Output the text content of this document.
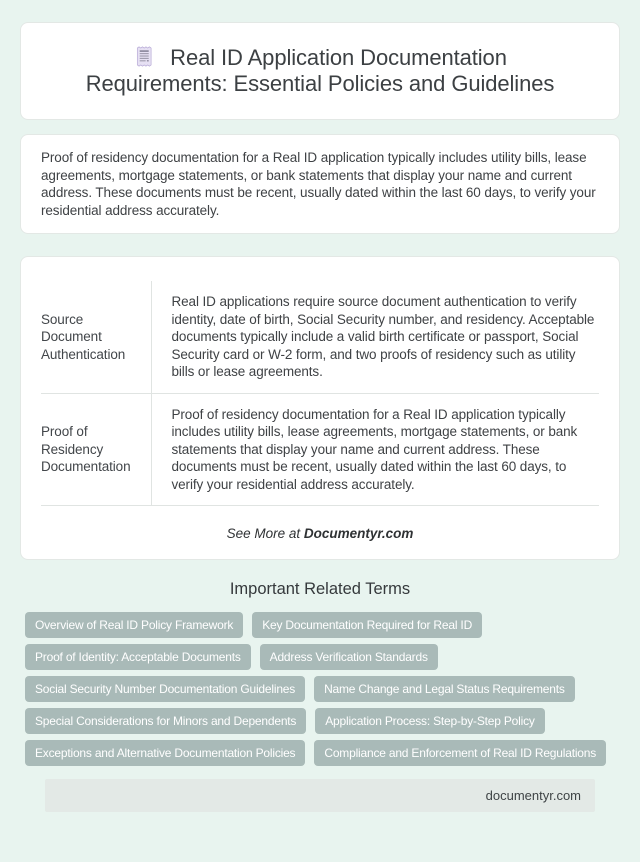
Real ID Application Documentation Requirements: Essential Policies and Guidelines

Proof of residency documentation for a Real ID application typically includes utility bills, lease agreements, mortgage statements, or bank statements that display your name and current address. These documents must be recent, usually dated within the last 60 days, to verify your residential address accurately.

Source Document Authentication	Real ID applications require source document authentication to verify identity, date of birth, Social Security number, and residency. Acceptable documents typically include a valid birth certificate or passport, Social Security card or W-2 form, and two proofs of residency such as utility bills or lease agreements.
Proof of Residency Documentation	Proof of residency documentation for a Real ID application typically includes utility bills, lease agreements, mortgage statements, or bank statements that display your name and current address. These documents must be recent, usually dated within the last 60 days, to verify your residential address accurately.
See More at Documentyr.com
Important Related Terms
Overview of Real ID Policy Framework	Key Documentation Required for Real ID
Proof of Identity: Acceptable Documents	Address Verification Standards
Social Security Number Documentation Guidelines	Name Change and Legal Status Requirements
Special Considerations for Minors and Dependents	Application Process: Step-by-Step Policy
Exceptions and Alternative Documentation Policies	Compliance and Enforcement of Real ID Regulations
documentyr.com
